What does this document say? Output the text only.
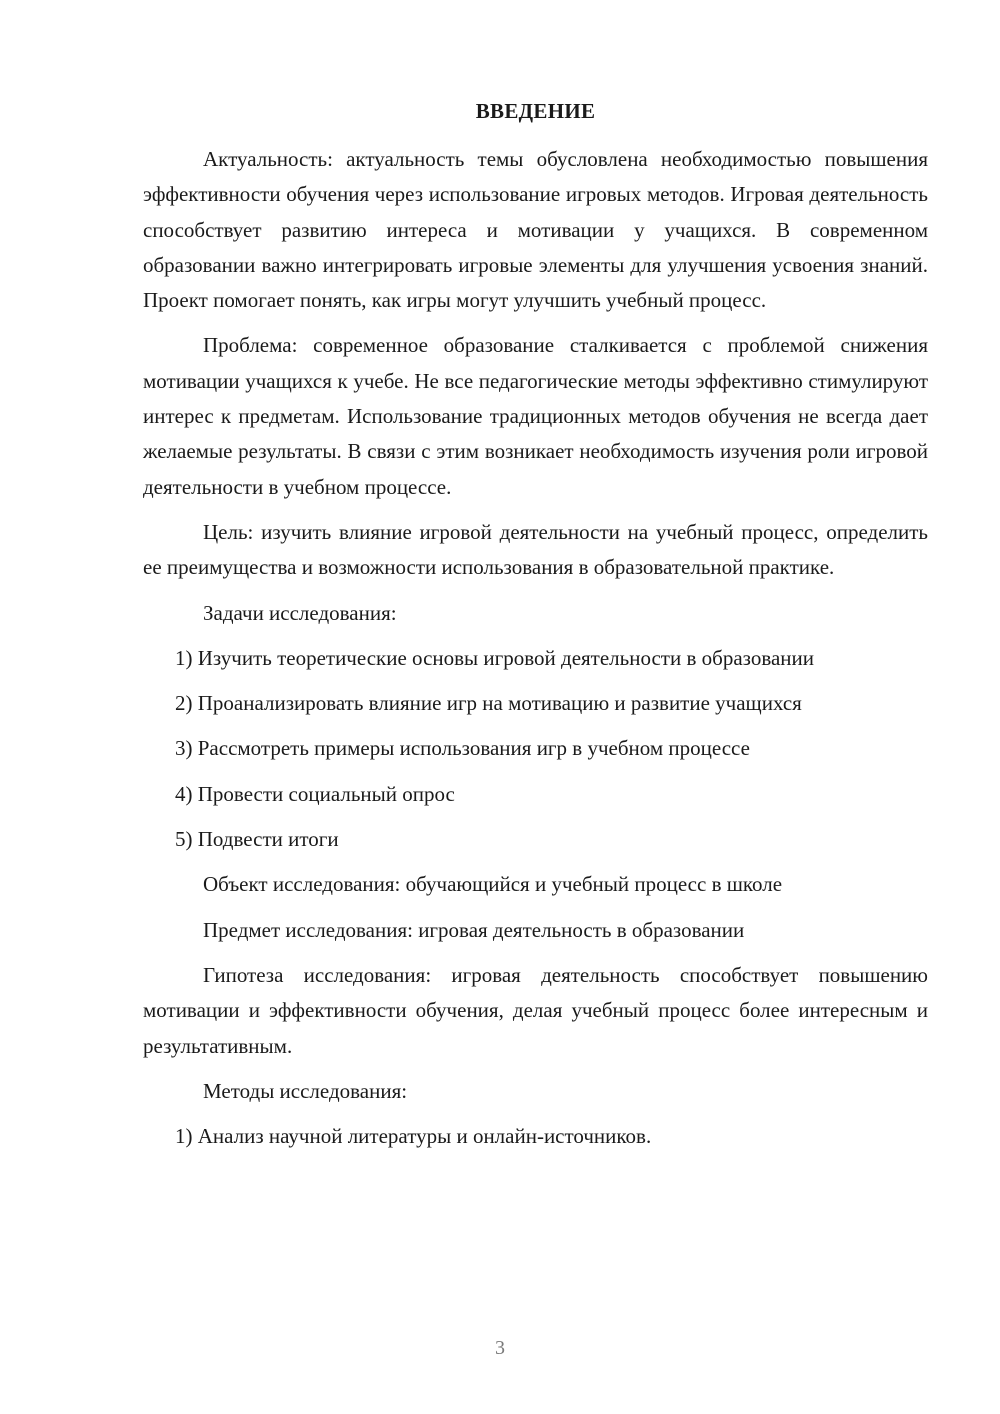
ВВЕДЕНИЕ

Актуальность: актуальность темы обусловлена необходимостью повышения эффективности обучения через использование игровых методов. Игровая деятельность способствует развитию интереса и мотивации у учащихся. В современном образовании важно интегрировать игровые элементы для улучшения усвоения знаний. Проект помогает понять, как игры могут улучшить учебный процесс.

Проблема: современное образование сталкивается с проблемой снижения мотивации учащихся к учебе. Не все педагогические методы эффективно стимулируют интерес к предметам. Использование традиционных методов обучения не всегда дает желаемые результаты. В связи с этим возникает необходимость изучения роли игровой деятельности в учебном процессе.

Цель: изучить влияние игровой деятельности на учебный процесс, определить ее преимущества и возможности использования в образовательной практике.

Задачи исследования:

1) Изучить теоретические основы игровой деятельности в образовании

2) Проанализировать влияние игр на мотивацию и развитие учащихся

3) Рассмотреть примеры использования игр в учебном процессе

4) Провести социальный опрос

5) Подвести итоги

Объект исследования: обучающийся и учебный процесс в школе

Предмет исследования: игровая деятельность в образовании

Гипотеза исследования: игровая деятельность способствует повышению мотивации и эффективности обучения, делая учебный процесс более интересным и результативным.

Методы исследования:

1) Анализ научной литературы и онлайн-источников.

3
